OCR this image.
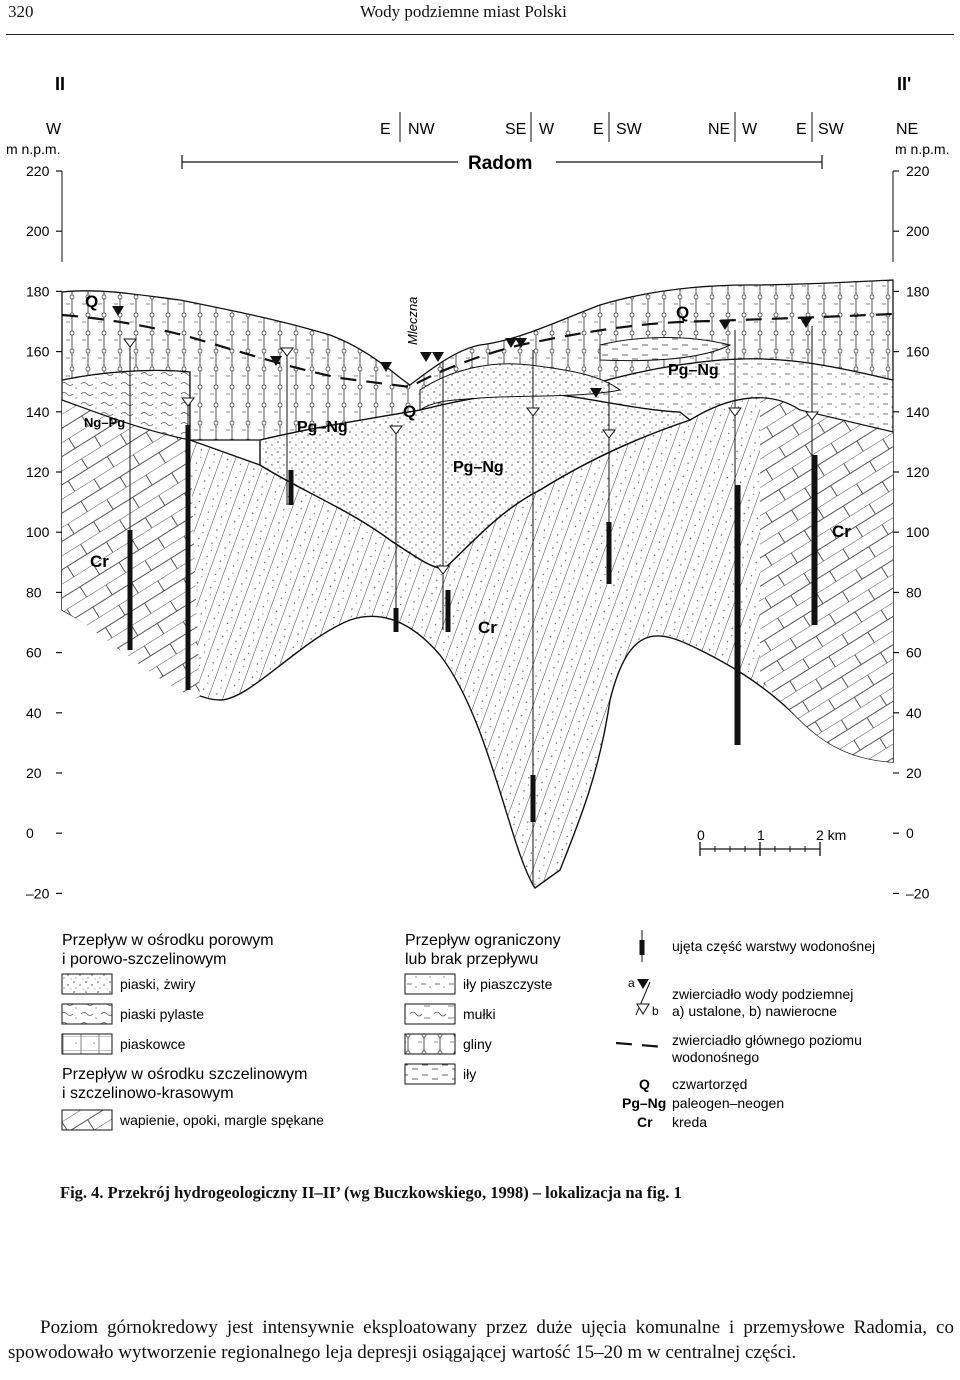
320	Wody podziemne miast Polski
II	II'
W	NE
m n.p.m.	m n.p.m.
E NW	SE W E SW	NE W E SW
Radom
220	220
200	200
180	180
160	160
140	140
120	120
100	100
80	80
60	60
40	40
20	20
0	0
–20	–20
Q
Q
Q
Ng–Pg	Pg–Ng
Pg–Ng
Pg–Ng
Cr
Cr
Cr
Mleczna
0	1	2 km
Przepływ w ośrodku porowym
i porowo-szczelinowym
piaski, żwiry
piaski pylaste
piaskowce
Przepływ w ośrodku szczelinowym
i szczelinowo-krasowym
wapienie, opoki, margle spękane
Przepływ ograniczony
lub brak przepływu
iły piaszczyste
mułki
gliny
iły
ujęta część warstwy wodonośnej
a
b
zwierciadło wody podziemnej
a) ustalone, b) nawierocne
zwierciadło głównego poziomu
wodonośnego
Q czwartorzęd
Pg–Ng paleogen–neogen
Cr kreda
Fig. 4. Przekrój hydrogeologiczny II–II’ (wg Buczkowskiego, 1998) – lokalizacja na fig. 1

Poziom górnokredowy jest intensywnie eksploatowany przez duże ujęcia komunalne i przemysłowe Radomia, co spowodowało wytworzenie regionalnego leja depresji osiągającej wartość 15–20 m w centralnej części.
